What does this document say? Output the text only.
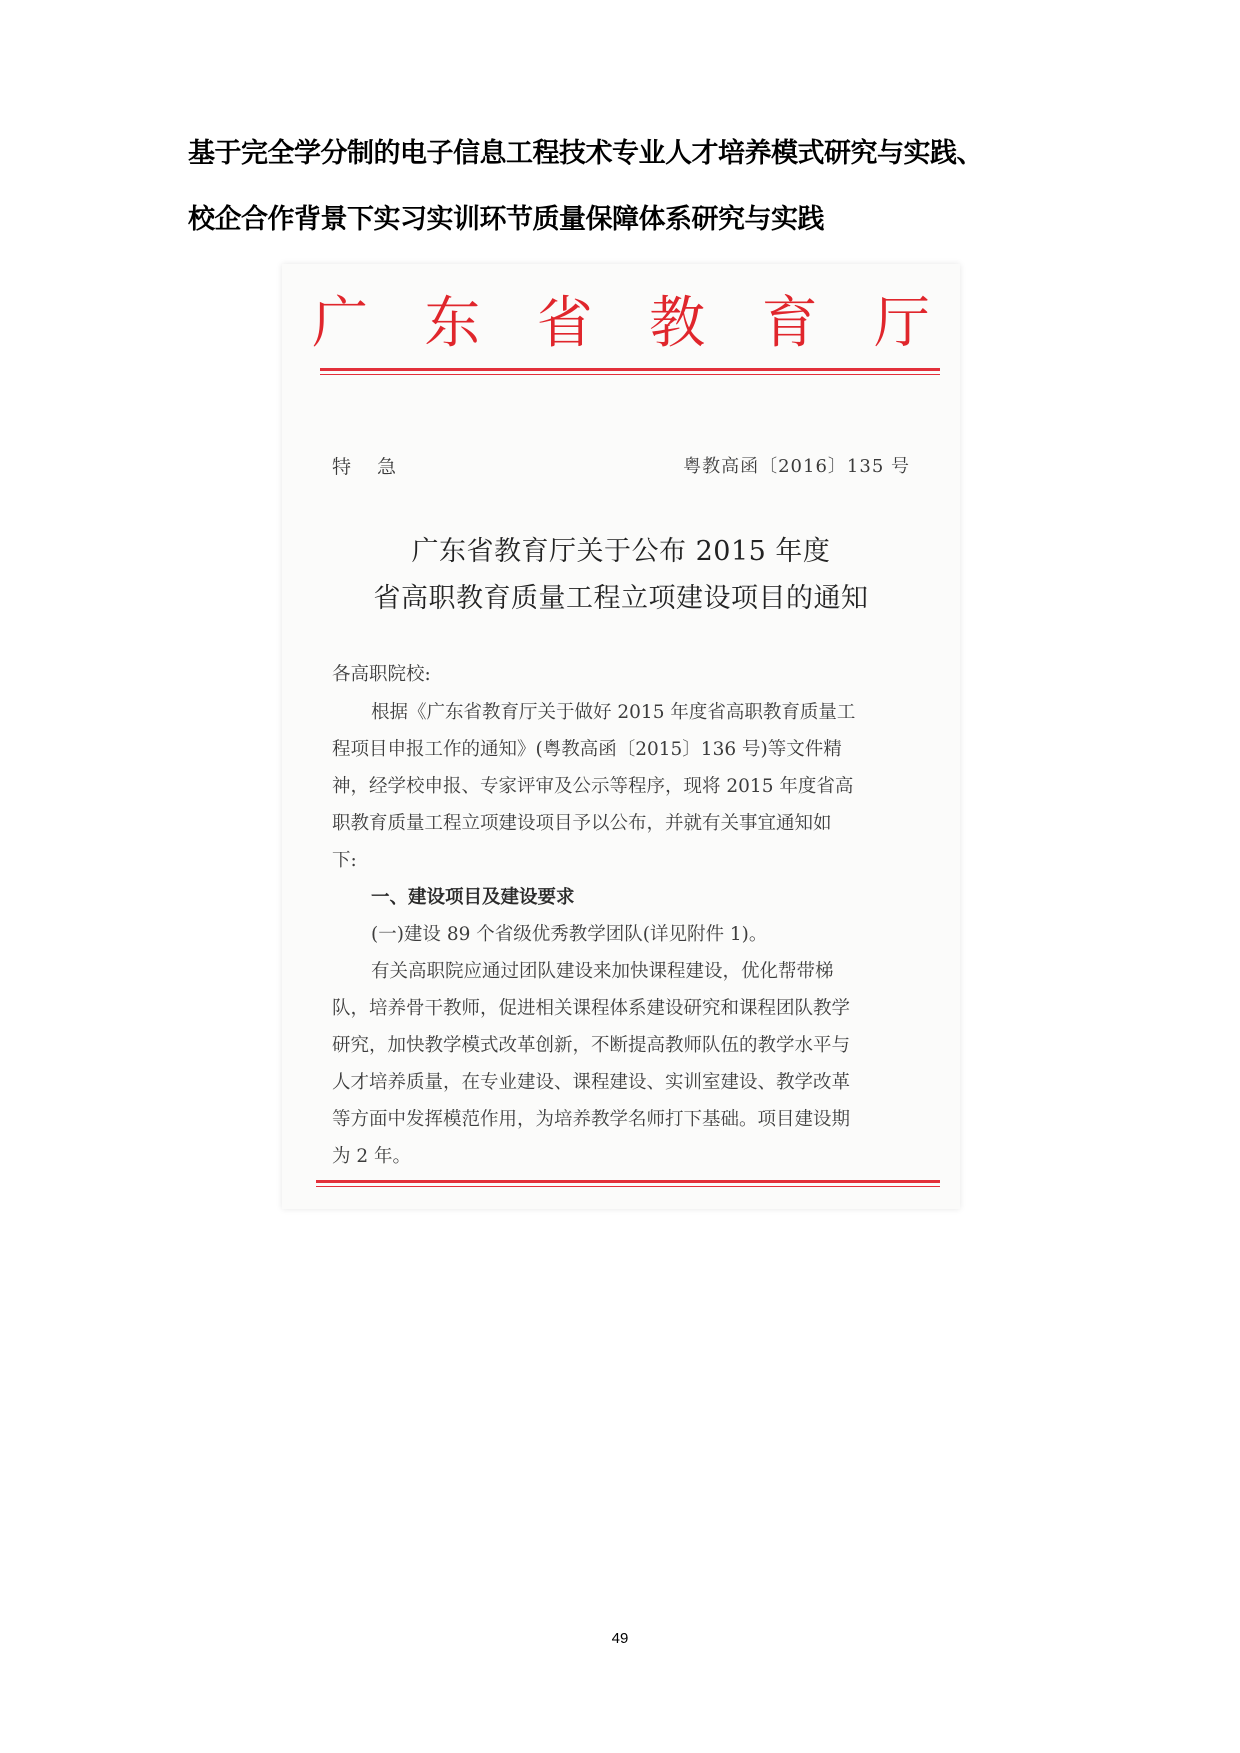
基于完全学分制的电子信息工程技术专业人才培养模式研究与实践、
校企合作背景下实习实训环节质量保障体系研究与实践
广 东 省 教 育 厅
特 急	粤教高函〔2016〕135 号
广东省教育厅关于公布 2015 年度
省高职教育质量工程立项建设项目的通知
各高职院校:
根据《广东省教育厅关于做好 2015 年度省高职教育质量工
程项目申报工作的通知》(粤教高函〔2015〕136 号)等文件精
神，经学校申报、专家评审及公示等程序，现将 2015 年度省高
职教育质量工程立项建设项目予以公布，并就有关事宜通知如
下:
一、建设项目及建设要求
(一)建设 89 个省级优秀教学团队(详见附件 1)。
有关高职院应通过团队建设来加快课程建设，优化帮带梯
队，培养骨干教师，促进相关课程体系建设研究和课程团队教学
研究，加快教学模式改革创新，不断提高教师队伍的教学水平与
人才培养质量，在专业建设、课程建设、实训室建设、教学改革
等方面中发挥模范作用，为培养教学名师打下基础。项目建设期
为 2 年。
49
